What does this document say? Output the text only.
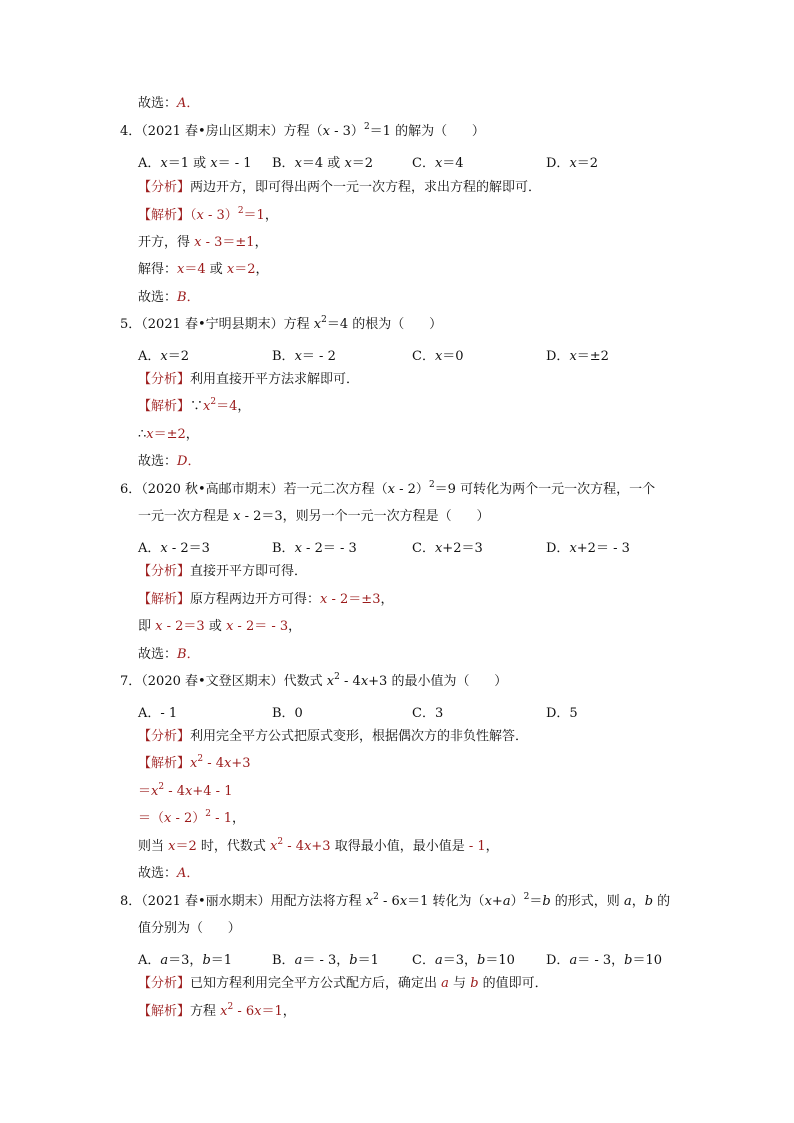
故选：A．
4．（2021 春•房山区期末）方程（x - 3）$^2$＝1 的解为（      ）
A．x＝1 或 x＝ - 1 B．x＝4 或 x＝2	C．x＝4	D．x＝2
【分析】两边开方，即可得出两个一元一次方程，求出方程的解即可．
【解析】（x - 3）$^2$＝1，
开方，得 x - 3＝±1，
解得：x＝4 或 x＝2，
故选：B．
5．（2021 春•宁明县期末）方程 $x^2=4$ 的根为（      ）
A．x＝2	B．x＝ - 2	C．x＝0	D．x＝±2
【分析】利用直接开平方法求解即可．
【解析】$\because x^2=4$，
∴x＝±2，
故选：D．
6．（2020 秋•高邮市期末）若一元二次方程（x - 2）$^2$＝9 可转化为两个一元一次方程，一个
一元一次方程是 x - 2＝3，则另一个一元一次方程是（      ）
A．x - 2＝3	B．x - 2＝ - 3	C．x+2＝3	D．x+2＝ - 3
【分析】直接开平方即可得．
【解析】原方程两边开方可得：x - 2＝±3，
即 x - 2＝3 或 x - 2＝ - 3，
故选：B．
7．（2020 春•文登区期末）代数式 $x^2 - 4x+3$ 的最小值为（      ）
A．- 1	B．0	C．3	D．5
【分析】利用完全平方公式把原式变形，根据偶次方的非负性解答．
【解析】$x^2 - 4x+3$
$=x^2 - 4x+4 - 1$
＝（x - 2）$^2$ - 1，
则当 x＝2 时，代数式 $x^2 - 4x+3$ 取得最小值，最小值是 - 1，
故选：A．
8．（2021 春•丽水期末）用配方法将方程 $x^2 - 6x=1$ 转化为$(x+a)^2=b$ 的形式，则 a，b 的
值分别为（      ）
A．a＝3，b＝1	B．a＝ - 3，b＝1	C．a＝3，b＝10 D．a＝ - 3，b＝10
【分析】已知方程利用完全平方公式配方后，确定出 a 与 b 的值即可．
【解析】方程 $x^2 - 6x=1$，
